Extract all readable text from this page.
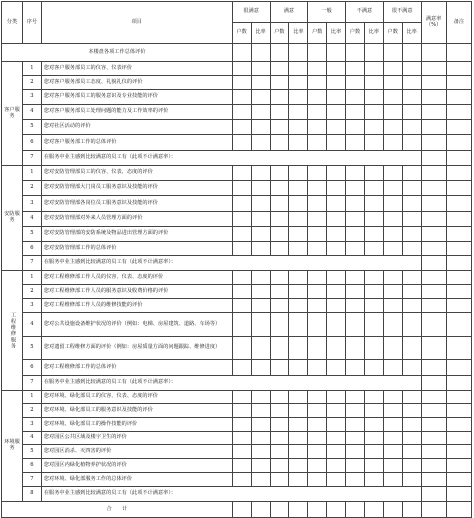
分类	序号	项目	很满意		满意		一般		不满意		很不满意		满意率（%）	备注
			户数	比率	户数	比率	户数	比率	户数	比率	户数	比率		
本楼盘各项工作总体评价														
客户服务	1	您对客户服务部员工的仪容、仪表评价												
	2	您对客户服务部员工态度、礼貌礼仪的评价												
	3	您对客户服务部员工的服务意识及专业技能的评价												
	4	您对客户服务部员工处理问题的能力及工作效率的评价												
	5	您对社区活动的评价												
	6	您对客户服务部工作的总体评价												
	7	在服务中业主感到比较满意的员工有（此项不计满意率）：												
安防服务	1	您对安防管理部员工的仪容、仪表、态度的评价												
	2	您对安防管理部大门岗员工服务意识及技能的评价												
	3	您对安防管理部各岗位员工服务意识及技能的评价												
	4	您对安防管理部对外来人员管理方面的评价												
	5	您对安防管理部的安防系统及物品进出管理方面的评价												
	6	您对安防管理部工作的总体评价												
	7	在服务中业主感到比较满意的员工有（此项不计满意率）：												
工程维修服务	1	您对工程维修部工作人员的仪容、仪表、态度的评价												
	2	您对工程维修部工作人员的服务意识及收费价格的评价												
	3	您对工程维修部工作人员的维修技能的评价												
	4	您对公共设施设备维护状况的评价（例如：电梯、房屋建筑、道路、车场等）												
	5	您对遗留工程维修方面的评价（例如：房屋质量方面的问题跟踪、维修进度）												
	6	您对工程维修部工作的总体评价												
	7	在服务中业主感到比较满意的员工有（此项不计满意率）：												
环境服务	1	您对环境、绿化部员工的仪容、仪表、态度的评价												
	2	您对环境、绿化部员工的服务意识及技能的评价												
	3	您对环境、绿化部员工的操作技能的评价												
	4	您对园区公共区域及楼宇卫生的评价												
	5	您对园区消杀、灭四害的评价												
	6	您对园区内绿化植物养护状况的评价												
	7	您对环境、绿化部服务工作的总体评价												
	8	在服务中业主感到比较满意的员工有（此项不计满意率）：												
合　　计														
